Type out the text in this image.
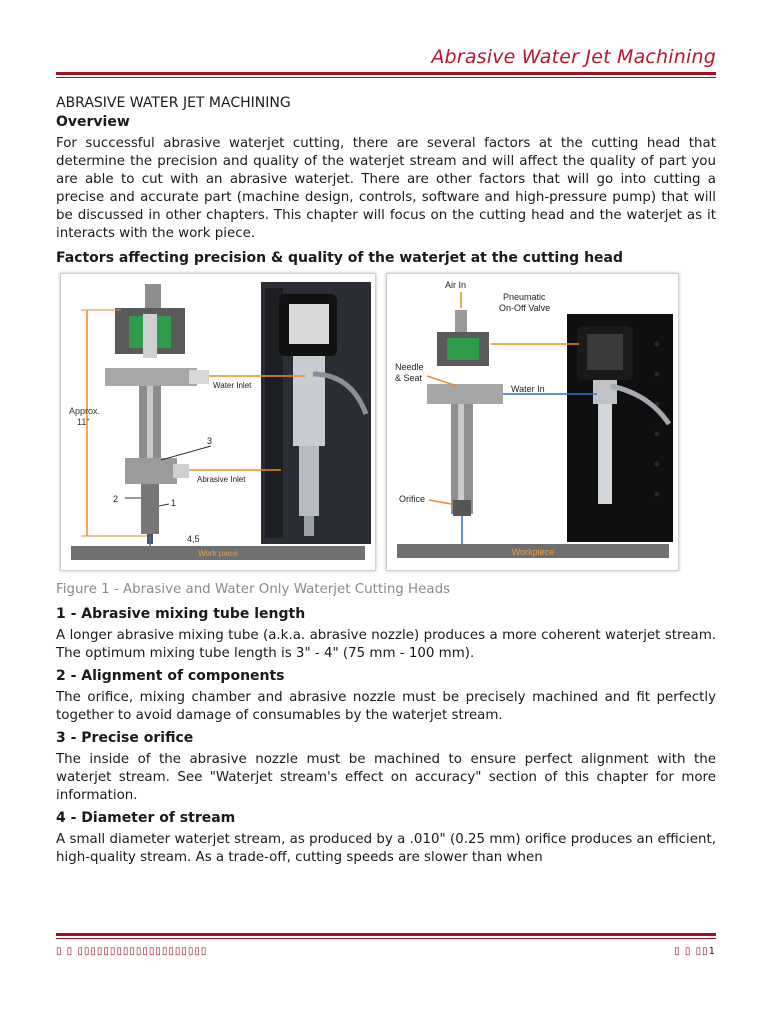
Abrasive Water Jet Machining
ABRASIVE WATER JET MACHINING
Overview

For successful abrasive waterjet cutting, there are several factors at the cutting head that determine the precision and quality of the waterjet stream and will affect the quality of part you are able to cut with an abrasive waterjet. There are other factors that will go into cutting a precise and accurate part (machine design, controls, software and high-pressure pump) that will be discussed in other chapters. This chapter will focus on the cutting head and the waterjet as it interacts with the work piece.

Factors affecting precision & quality of the waterjet at the cutting head
Approx.
11"
Water Inlet
Abrasive Inlet
3
2	1
4,5
Work piece
Air In
Pneumatic
On-Off Valve
Needle
& Seat
Water In
Orifice
Workpiece
Figure 1 - Abrasive and Water Only Waterjet Cutting Heads
1 - Abrasive mixing tube length

A longer abrasive mixing tube (a.k.a. abrasive nozzle) produces a more coherent waterjet stream. The optimum mixing tube length is 3" - 4" (75 mm - 100 mm).

2 - Alignment of components

The orifice, mixing chamber and abrasive nozzle must be precisely machined and fit perfectly together to avoid damage of consumables by the waterjet stream.

3 - Precise orifice

The inside of the abrasive nozzle must be machined to ensure perfect alignment with the waterjet stream. See "Waterjet stream's effect on accuracy" section of this chapter for more information.

4 - Diameter of stream

A small diameter waterjet stream, as produced by a .010" (0.25 mm) orifice produces an efficient, high-quality stream. As a trade-off, cutting speeds are slower than when

▯ ▯ ▯▯▯▯▯▯▯▯▯▯▯▯▯▯▯▯▯▯▯▯	▯ ▯ ▯▯1
